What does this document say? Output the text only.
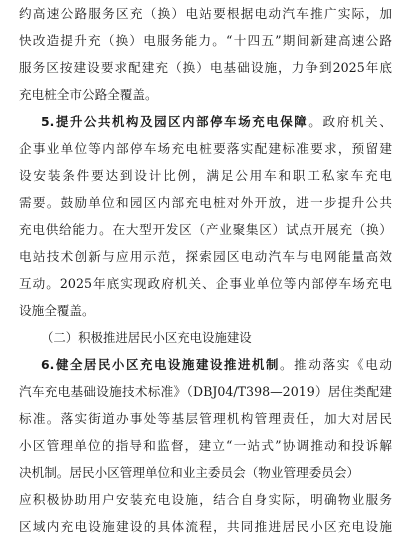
约高速公路服务区充（换）电站要根据电动汽车推广实际，加
快改造提升充（换）电服务能力。“十四五”期间新建高速公路
服务区按建设要求配建充（换）电基础设施，力争到2025年底
充电桩全市公路全覆盖。
5.提升公共机构及园区内部停车场充电保障。政府机关、
企事业单位等内部停车场充电桩要落实配建标准要求，预留建
设安装条件要达到设计比例，满足公用车和职工私家车充电
需要。鼓励单位和园区内部充电桩对外开放，进一步提升公共
充电供给能力。在大型开发区（产业聚集区）试点开展充（换）
电站技术创新与应用示范，探索园区电动汽车与电网能量高效
互动。2025年底实现政府机关、企事业单位等内部停车场充电
设施全覆盖。
（二）积极推进居民小区充电设施建设
6.健全居民小区充电设施建设推进机制。推动落实《电动
汽车充电基础设施技术标准》（DBJ04/T398—2019）居住类配建
标准。落实街道办事处等基层管理机构管理责任，加大对居民
小区管理单位的指导和监督，建立“一站式”协调推动和投诉解
决机制。居民小区管理单位和业主委员会（物业管理委员会）
应积极协助用户安装充电设施，结合自身实际，明确物业服务
区域内充电设施建设的具体流程，共同推进居民小区充电设施
